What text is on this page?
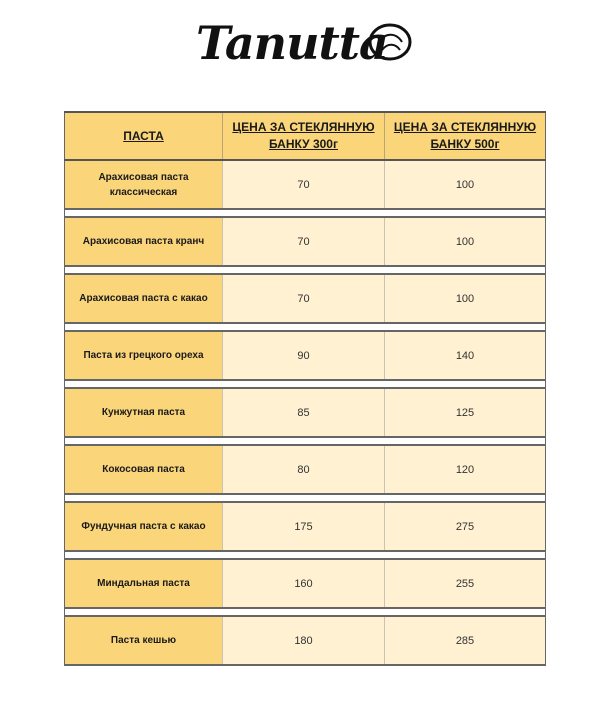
Tanutta
ПАСТА	ЦЕНА ЗА СТЕКЛЯННУЮ БАНКУ 300г	ЦЕНА ЗА СТЕКЛЯННУЮ БАНКУ 500г
Арахисовая паста классическая	70	100

Арахисовая паста кранч	70	100

Арахисовая паста с какао	70	100

Паста из грецкого ореха	90	140

Кунжутная паста	85	125

Кокосовая паста	80	120

Фундучная паста с какао	175	275

Миндальная паста	160	255

Паста кешью	180	285
